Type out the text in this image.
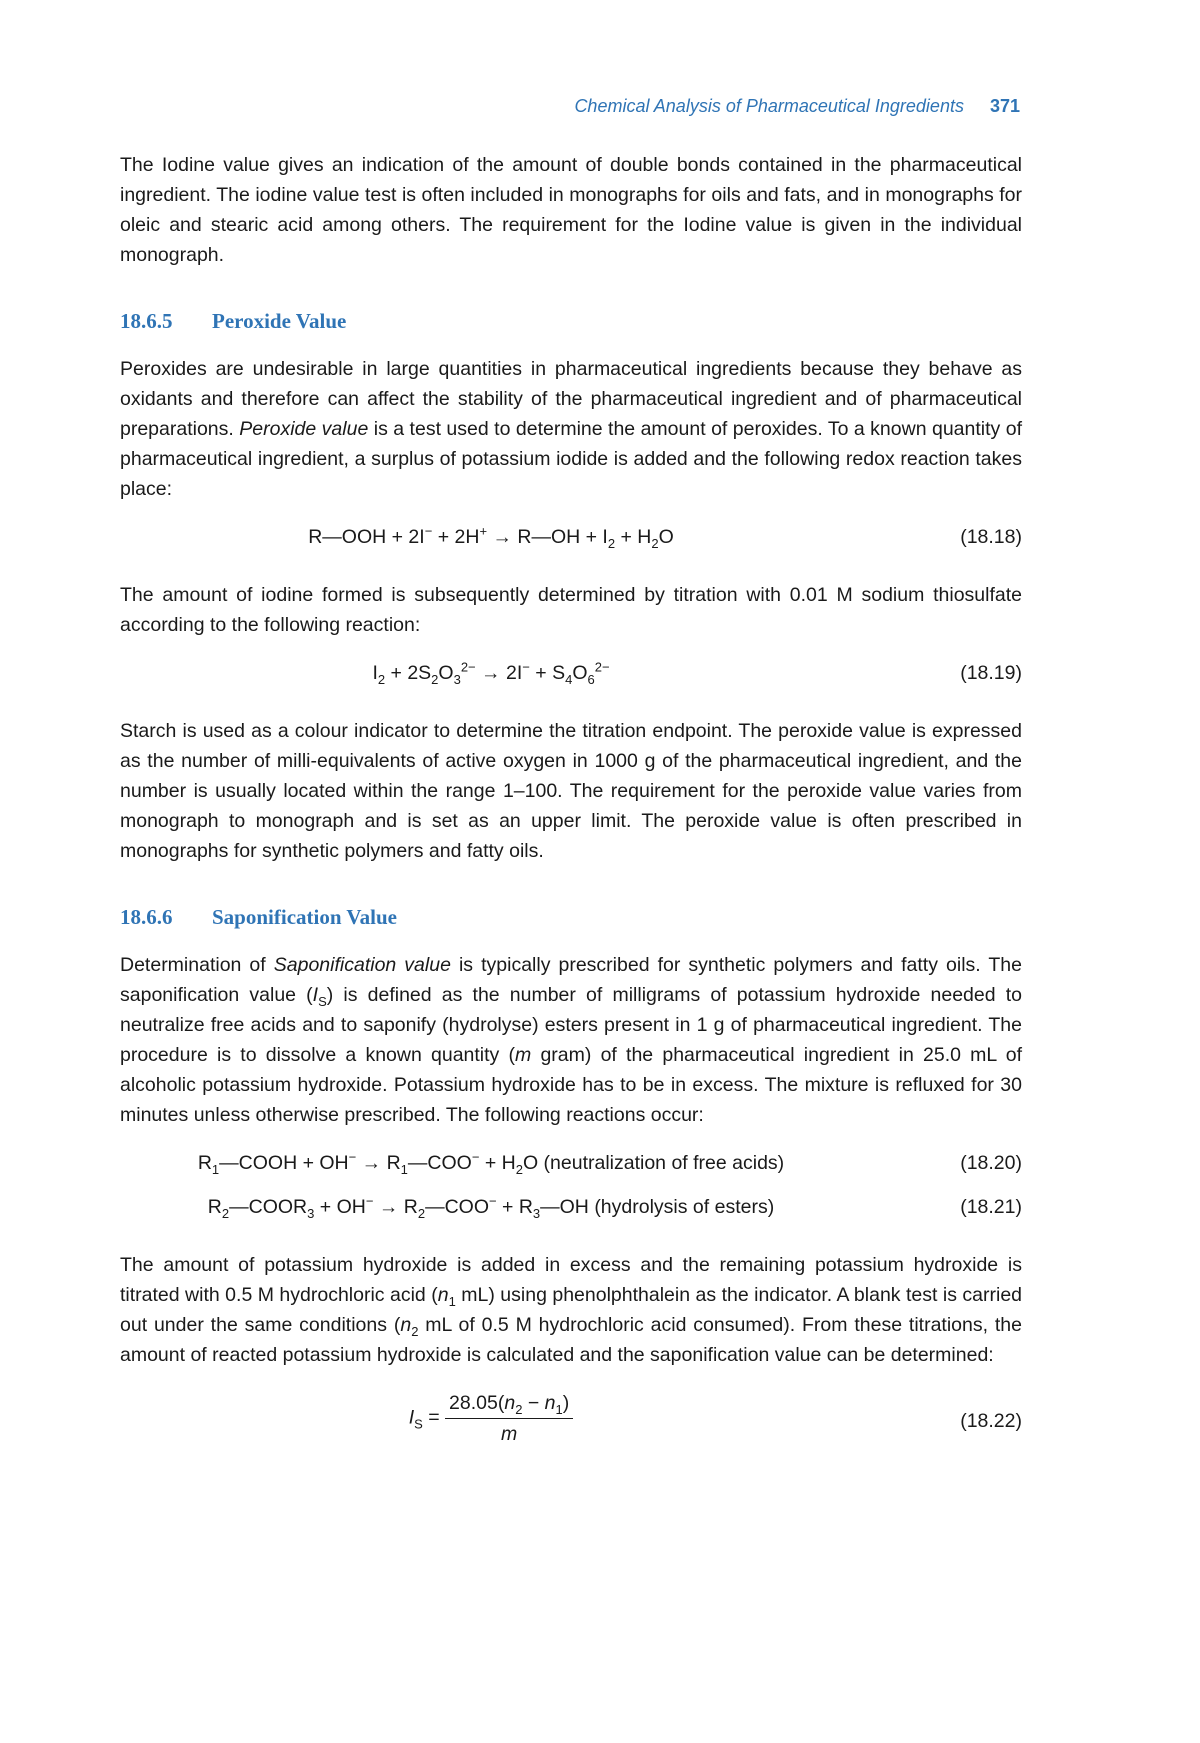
Chemical Analysis of Pharmaceutical Ingredients 371

The Iodine value gives an indication of the amount of double bonds contained in the pharmaceutical ingredient. The iodine value test is often included in monographs for oils and fats, and in monographs for oleic and stearic acid among others. The requirement for the Iodine value is given in the individual monograph.

18.6.5 Peroxide Value

Peroxides are undesirable in large quantities in pharmaceutical ingredients because they behave as oxidants and therefore can affect the stability of the pharmaceutical ingredient and of pharmaceutical preparations. Peroxide value is a test used to determine the amount of peroxides. To a known quantity of pharmaceutical ingredient, a surplus of potassium iodide is added and the following redox reaction takes place:

R—OOH + 2I− + 2H+ → R—OH + $I_2 + H_2O$	(18.18)

The amount of iodine formed is subsequently determined by titration with 0.01 M sodium thiosulfate according to the following reaction:

$I_2 + 2S_2O_3^{2-} \to 2I^- + S_4O_6^{2-}$	(18.19)

Starch is used as a colour indicator to determine the titration endpoint. The peroxide value is expressed as the number of milli-equivalents of active oxygen in 1000 g of the pharmaceutical ingredient, and the number is usually located within the range 1–100. The requirement for the peroxide value varies from monograph to monograph and is set as an upper limit. The peroxide value is often prescribed in monographs for synthetic polymers and fatty oils.

18.6.6 Saponification Value

Determination of Saponification value is typically prescribed for synthetic polymers and fatty oils. The saponification value $(I_S)$ is defined as the number of milligrams of potassium hydroxide needed to neutralize free acids and to saponify (hydrolyse) esters present in 1 g of pharmaceutical ingredient. The procedure is to dissolve a known quantity (m gram) of the pharmaceutical ingredient in 25.0 mL of alcoholic potassium hydroxide. Potassium hydroxide has to be in excess. The mixture is refluxed for 30 minutes unless otherwise prescribed. The following reactions occur:

$R_1—COOH + OH^-$ → $R_1—COO^- + H_2O$ (neutralization of free acids)	(18.20)
$R_2—COOR_3 + OH^-$ → $R_2—COO^-$ + $R_3—OH$ (hydrolysis of esters)	(18.21)

The amount of potassium hydroxide is added in excess and the remaining potassium hydroxide is titrated with 0.5 M hydrochloric acid ($n_1$ mL) using phenolphthalein as the indicator. A blank test is carried out under the same conditions ($n_2$ mL of 0.5 M hydrochloric acid consumed). From these titrations, the amount of reacted potassium hydroxide is calculated and the saponification value can be determined:

$I_S = \frac{28.05(n_2 - n_1)}{m}$	(18.22)
